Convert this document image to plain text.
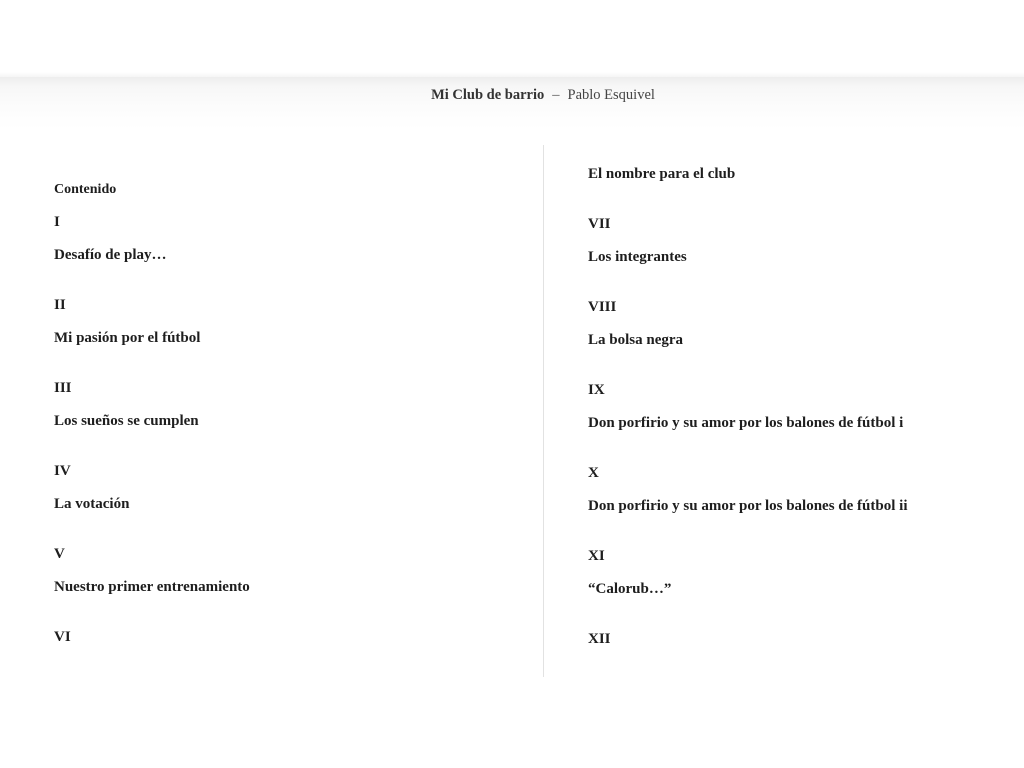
Mi Club de barrio – Pablo Esquivel
Contenido
I
Desafío de play…
II
Mi pasión por el fútbol
III
Los sueños se cumplen
IV
La votación
V
Nuestro primer entrenamiento
VI
El nombre para el club
VII
Los integrantes
VIII
La bolsa negra
IX
Don porfirio y su amor por los balones de fútbol i
X
Don porfirio y su amor por los balones de fútbol ii
XI
“Calorub…”
XII
